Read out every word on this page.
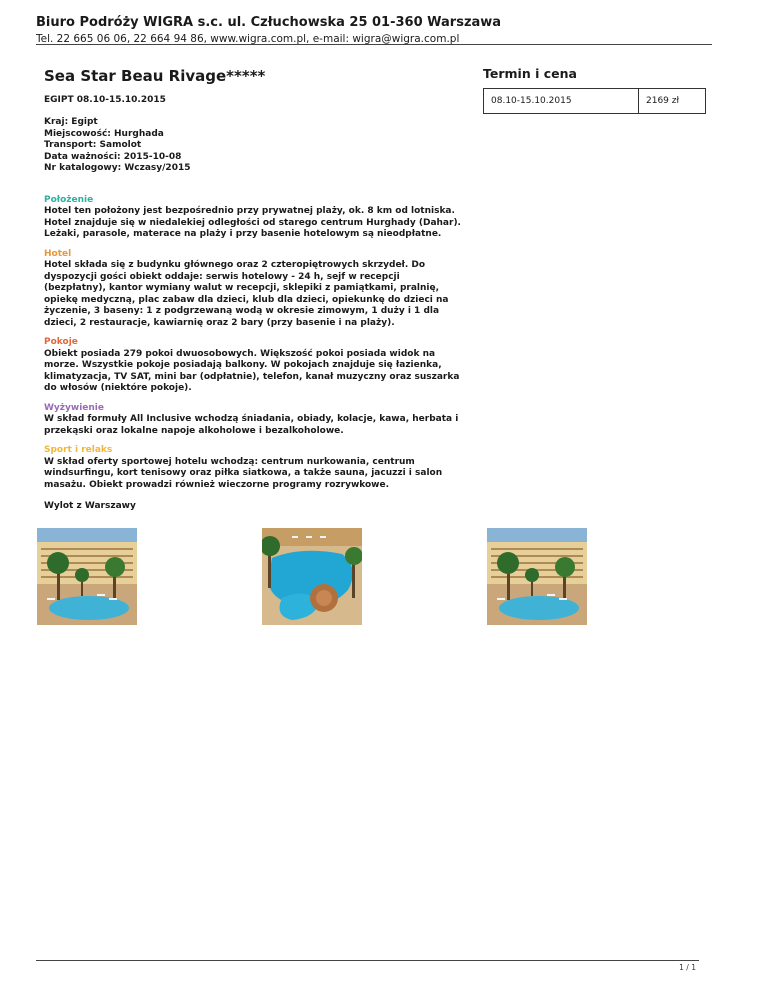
Biuro Podróży WIGRA s.c. ul. Człuchowska 25 01-360 Warszawa

Tel. 22 665 06 06, 22 664 94 86, www.wigra.com.pl, e-mail: wigra@wigra.com.pl

Sea Star Beau Rivage*****
EGIPT 08.10-15.10.2015
Kraj: Egipt
Miejscowość: Hurghada
Transport: Samolot
Data ważności: 2015-10-08
Nr katalogowy: Wczasy/2015
Położenie

Hotel ten położony jest bezpośrednio przy prywatnej plaży, ok. 8 km od lotniska. Hotel znajduje się w niedalekiej odległości od starego centrum Hurghady (Dahar). Leżaki, parasole, materace na plaży i przy basenie hotelowym są nieodpłatne.

Hotel

Hotel składa się z budynku głównego oraz 2 czteropiętrowych skrzydeł. Do dyspozycji gości obiekt oddaje: serwis hotelowy - 24 h, sejf w recepcji (bezpłatny), kantor wymiany walut w recepcji, sklepiki z pamiątkami, pralnię, opiekę medyczną, plac zabaw dla dzieci, klub dla dzieci, opiekunkę do dzieci na życzenie, 3 baseny: 1 z podgrzewaną wodą w okresie zimowym, 1 duży i 1 dla dzieci, 2 restauracje, kawiarnię oraz 2 bary (przy basenie i na plaży).

Pokoje

Obiekt posiada 279 pokoi dwuosobowych. Większość pokoi posiada widok na morze. Wszystkie pokoje posiadają balkony. W pokojach znajduje się łazienka, klimatyzacja, TV SAT, mini bar (odpłatnie), telefon, kanał muzyczny oraz suszarka do włosów (niektóre pokoje).

Wyżywienie

W skład formuły All Inclusive wchodzą śniadania, obiady, kolacje, kawa, herbata i przekąski oraz lokalne napoje alkoholowe i bezalkoholowe.

Sport i relaks

W skład oferty sportowej hotelu wchodzą: centrum nurkowania, centrum windsurfingu, kort tenisowy oraz piłka siatkowa, a także sauna, jacuzzi i salon masażu. Obiekt prowadzi również wieczorne programy rozrywkowe.

Wylot z Warszawy
Termin i cena
08.10-15.10.2015	2169 zł
1 / 1
